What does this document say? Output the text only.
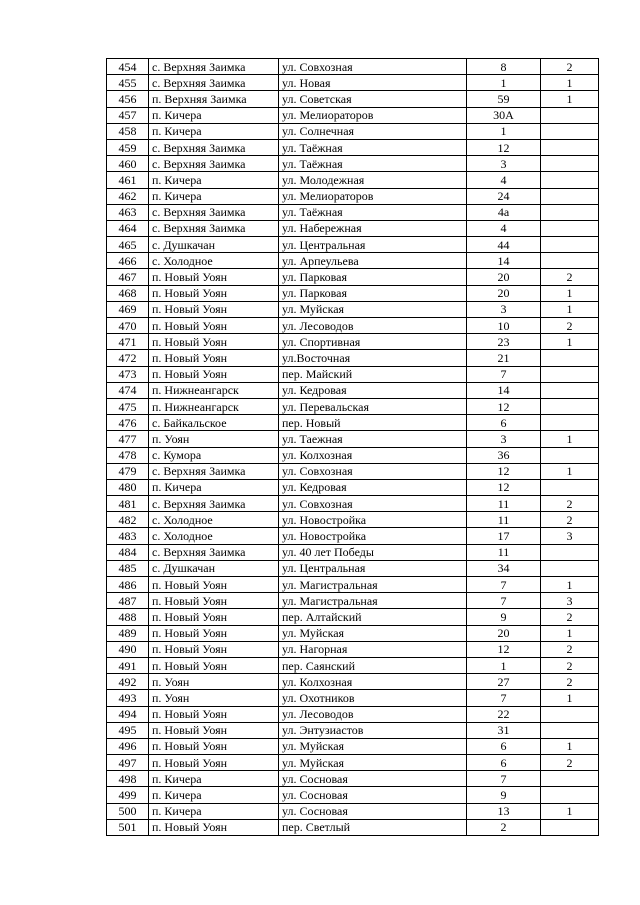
454	с. Верхняя Заимка	ул. Совхозная	8	2
455	с. Верхняя Заимка	ул. Новая	1	1
456	п. Верхняя Заимка	ул. Советская	59	1
457	п. Кичера	ул. Мелиораторов	30А	
458	п. Кичера	ул. Солнечная	1	
459	с. Верхняя Заимка	ул. Таёжная	12	
460	с. Верхняя Заимка	ул. Таёжная	3	
461	п. Кичера	ул. Молодежная	4	
462	п. Кичера	ул. Мелиораторов	24	
463	с. Верхняя Заимка	ул. Таёжная	4а	
464	с. Верхняя Заимка	ул. Набережная	4	
465	с. Душкачан	ул. Центральная	44	
466	с. Холодное	ул. Арпеульева	14	
467	п. Новый Уоян	ул. Парковая	20	2
468	п. Новый Уоян	ул. Парковая	20	1
469	п. Новый Уоян	ул. Муйская	3	1
470	п. Новый Уоян	ул. Лесоводов	10	2
471	п. Новый Уоян	ул. Спортивная	23	1
472	п. Новый Уоян	ул.Восточная	21	
473	п. Новый Уоян	пер. Майский	7	
474	п. Нижнеангарск	ул. Кедровая	14	
475	п. Нижнеангарск	ул. Перевальская	12	
476	с. Байкальское	пер. Новый	6	
477	п. Уоян	ул. Таежная	3	1
478	с. Кумора	ул. Колхозная	36	
479	с. Верхняя Заимка	ул. Совхозная	12	1
480	п. Кичера	ул. Кедровая	12	
481	с. Верхняя Заимка	ул. Совхозная	11	2
482	с. Холодное	ул. Новостройка	11	2
483	с. Холодное	ул. Новостройка	17	3
484	с. Верхняя Заимка	ул. 40 лет Победы	11	
485	с. Душкачан	ул. Центральная	34	
486	п. Новый Уоян	ул. Магистральная	7	1
487	п. Новый Уоян	ул. Магистральная	7	3
488	п. Новый Уоян	пер. Алтайский	9	2
489	п. Новый Уоян	ул. Муйская	20	1
490	п. Новый Уоян	ул. Нагорная	12	2
491	п. Новый Уоян	пер. Саянский	1	2
492	п. Уоян	ул. Колхозная	27	2
493	п. Уоян	ул. Охотников	7	1
494	п. Новый Уоян	ул. Лесоводов	22	
495	п. Новый Уоян	ул. Энтузиастов	31	
496	п. Новый Уоян	ул. Муйская	6	1
497	п. Новый Уоян	ул. Муйская	6	2
498	п. Кичера	ул. Сосновая	7	
499	п. Кичера	ул. Сосновая	9	
500	п. Кичера	ул. Сосновая	13	1
501	п. Новый Уоян	пер. Светлый	2	
